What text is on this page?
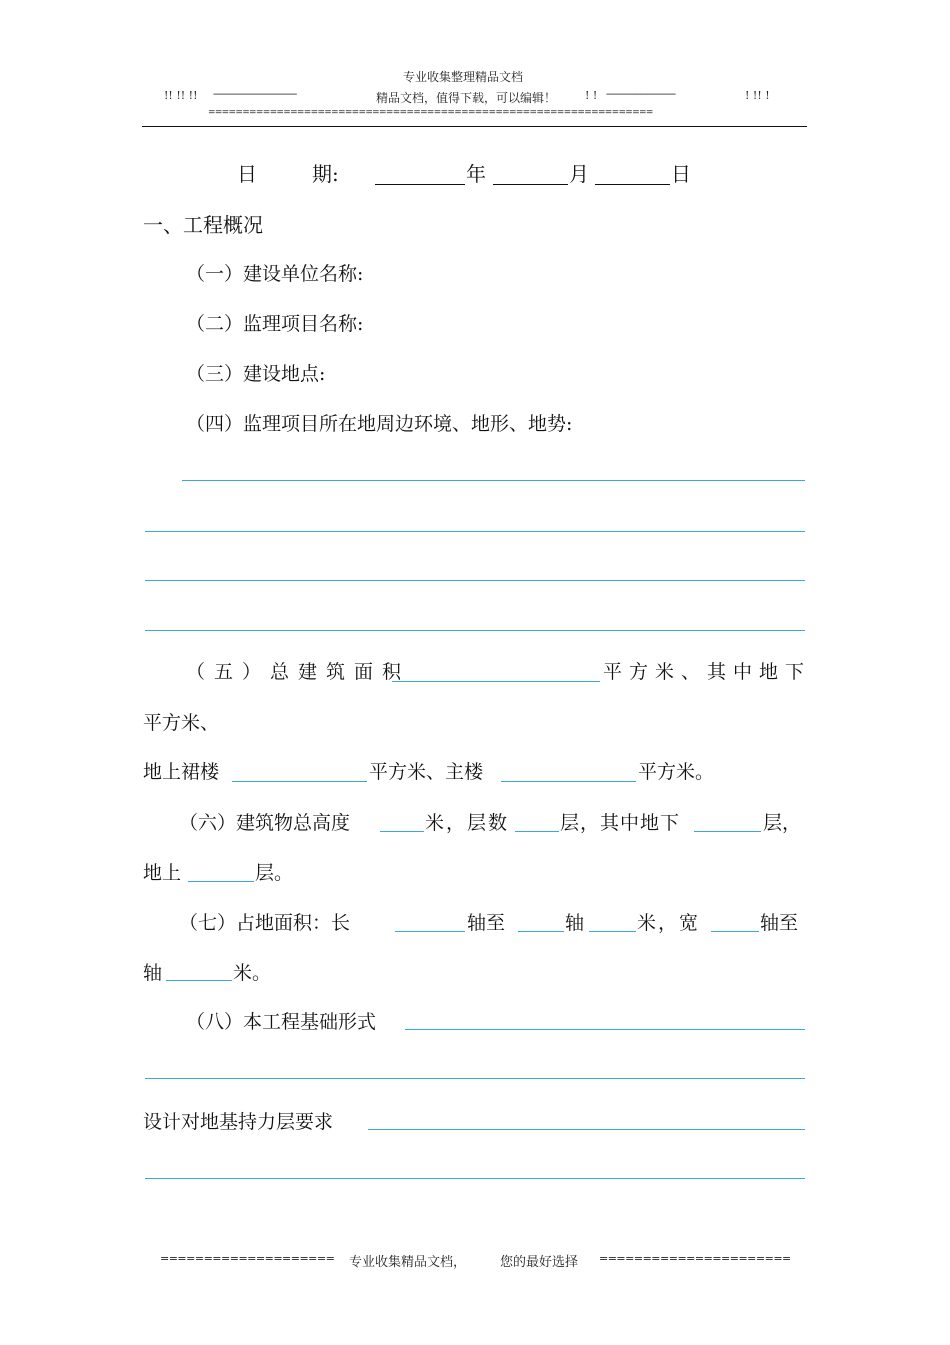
专业收集整理精品文档
!! !! !! -----------------------------------	精品文档，值得下载，可以编辑！	! ! -----------------------------	! !! !
=================================================================
日	期:	年	月	日
一、工程概况
（一）建设单位名称:
（二）监理项目名称:
（三）建设地点:
（四）监理项目所在地周边环境、地形、地势:
（五）总建筑面积	平方米、其中地下
平方米、
地上裙楼	平方米、主楼	平方米。
（六）建筑物总高度	米，层数	层，其中地下	层，
地上	层。
（七）占地面积：长	轴至	轴	米，宽	轴至
轴	米。
（八）本工程基础形式
设计对地基持力层要求
==================== 专业收集精品文档，	您的最好选择 ======================
